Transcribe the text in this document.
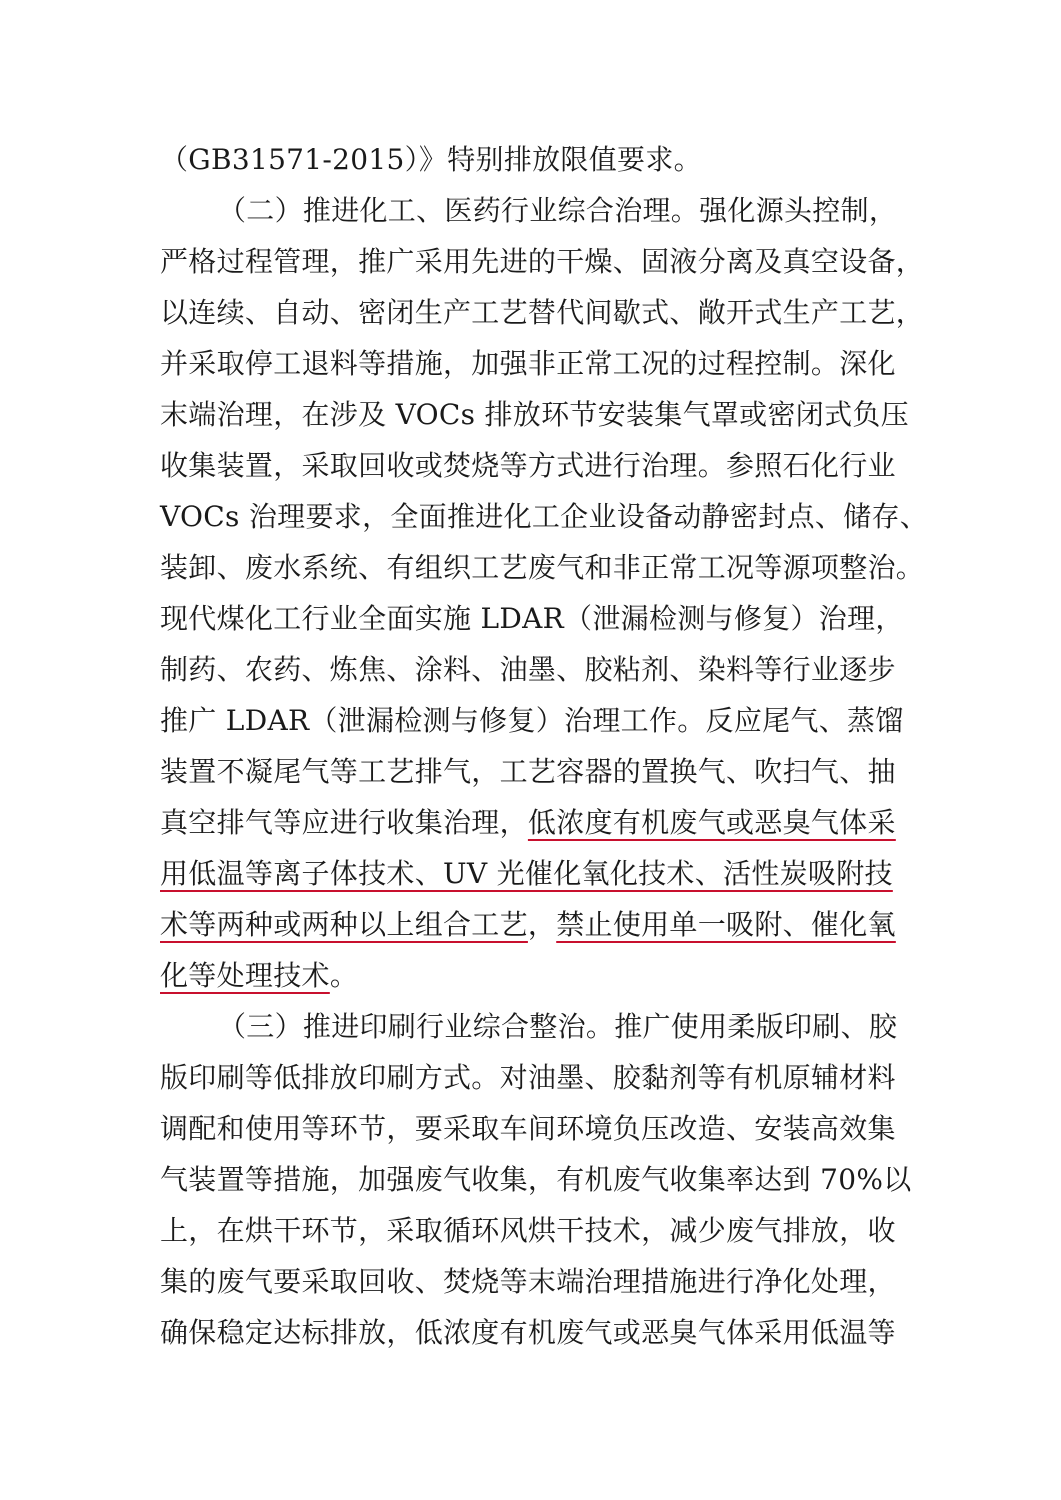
（GB31571-2015）》特别排放限值要求。
（二）推进化工、医药行业综合治理。强化源头控制，
严格过程管理，推广采用先进的干燥、固液分离及真空设备，
以连续、自动、密闭生产工艺替代间歇式、敞开式生产工艺，
并采取停工退料等措施，加强非正常工况的过程控制。深化
末端治理，在涉及 VOCs 排放环节安装集气罩或密闭式负压
收集装置，采取回收或焚烧等方式进行治理。参照石化行业
VOCs 治理要求，全面推进化工企业设备动静密封点、储存、
装卸、废水系统、有组织工艺废气和非正常工况等源项整治。
现代煤化工行业全面实施 LDAR（泄漏检测与修复）治理，
制药、农药、炼焦、涂料、油墨、胶粘剂、染料等行业逐步
推广 LDAR（泄漏检测与修复）治理工作。反应尾气、蒸馏
装置不凝尾气等工艺排气，工艺容器的置换气、吹扫气、抽
真空排气等应进行收集治理，低浓度有机废气或恶臭气体采
用低温等离子体技术、UV 光催化氧化技术、活性炭吸附技
术等两种或两种以上组合工艺，禁止使用单一吸附、催化氧
化等处理技术。
（三）推进印刷行业综合整治。推广使用柔版印刷、胶
版印刷等低排放印刷方式。对油墨、胶黏剂等有机原辅材料
调配和使用等环节，要采取车间环境负压改造、安装高效集
气装置等措施，加强废气收集，有机废气收集率达到 70%以
上，在烘干环节，采取循环风烘干技术，减少废气排放，收
集的废气要采取回收、焚烧等末端治理措施进行净化处理，
确保稳定达标排放，低浓度有机废气或恶臭气体采用低温等
